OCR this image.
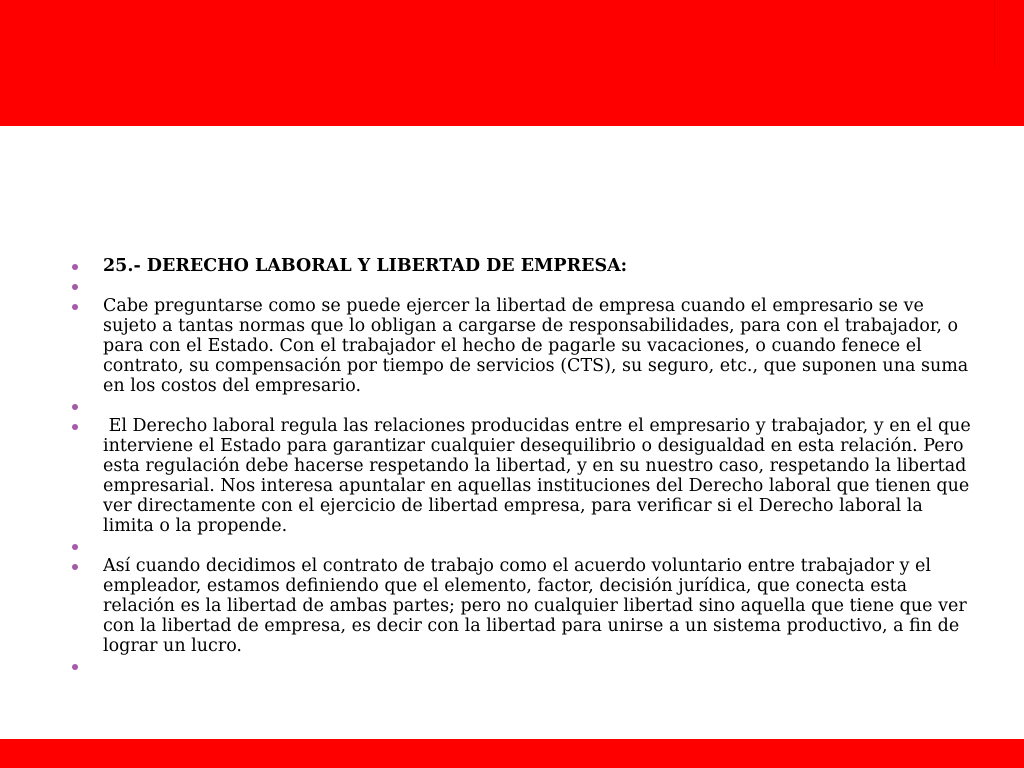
25.- DERECHO LABORAL Y LIBERTAD DE EMPRESA:
Cabe preguntarse como se puede ejercer la libertad de empresa cuando el empresario se ve sujeto a tantas normas que lo obligan a cargarse de responsabilidades, para con el trabajador, o para con el Estado. Con el trabajador el hecho de pagarle su vacaciones, o cuando fenece el contrato, su compensación por tiempo de servicios (CTS), su seguro, etc., que suponen una suma en los costos del empresario.
El Derecho laboral regula las relaciones producidas entre el empresario y trabajador, y en el que interviene el Estado para garantizar cualquier desequilibrio o desigualdad en esta relación. Pero esta regulación debe hacerse respetando la libertad, y en su nuestro caso, respetando la libertad empresarial. Nos interesa apuntalar en aquellas instituciones del Derecho laboral que tienen que ver directamente con el ejercicio de libertad empresa, para verificar si el Derecho laboral la limita o la propende.
Así cuando decidimos el contrato de trabajo como el acuerdo voluntario entre trabajador y el empleador, estamos definiendo que el elemento, factor, decisión jurídica, que conecta esta relación es la libertad de ambas partes; pero no cualquier libertad sino aquella que tiene que ver con la libertad de empresa, es decir con la libertad para unirse a un sistema productivo, a fin de lograr un lucro.
